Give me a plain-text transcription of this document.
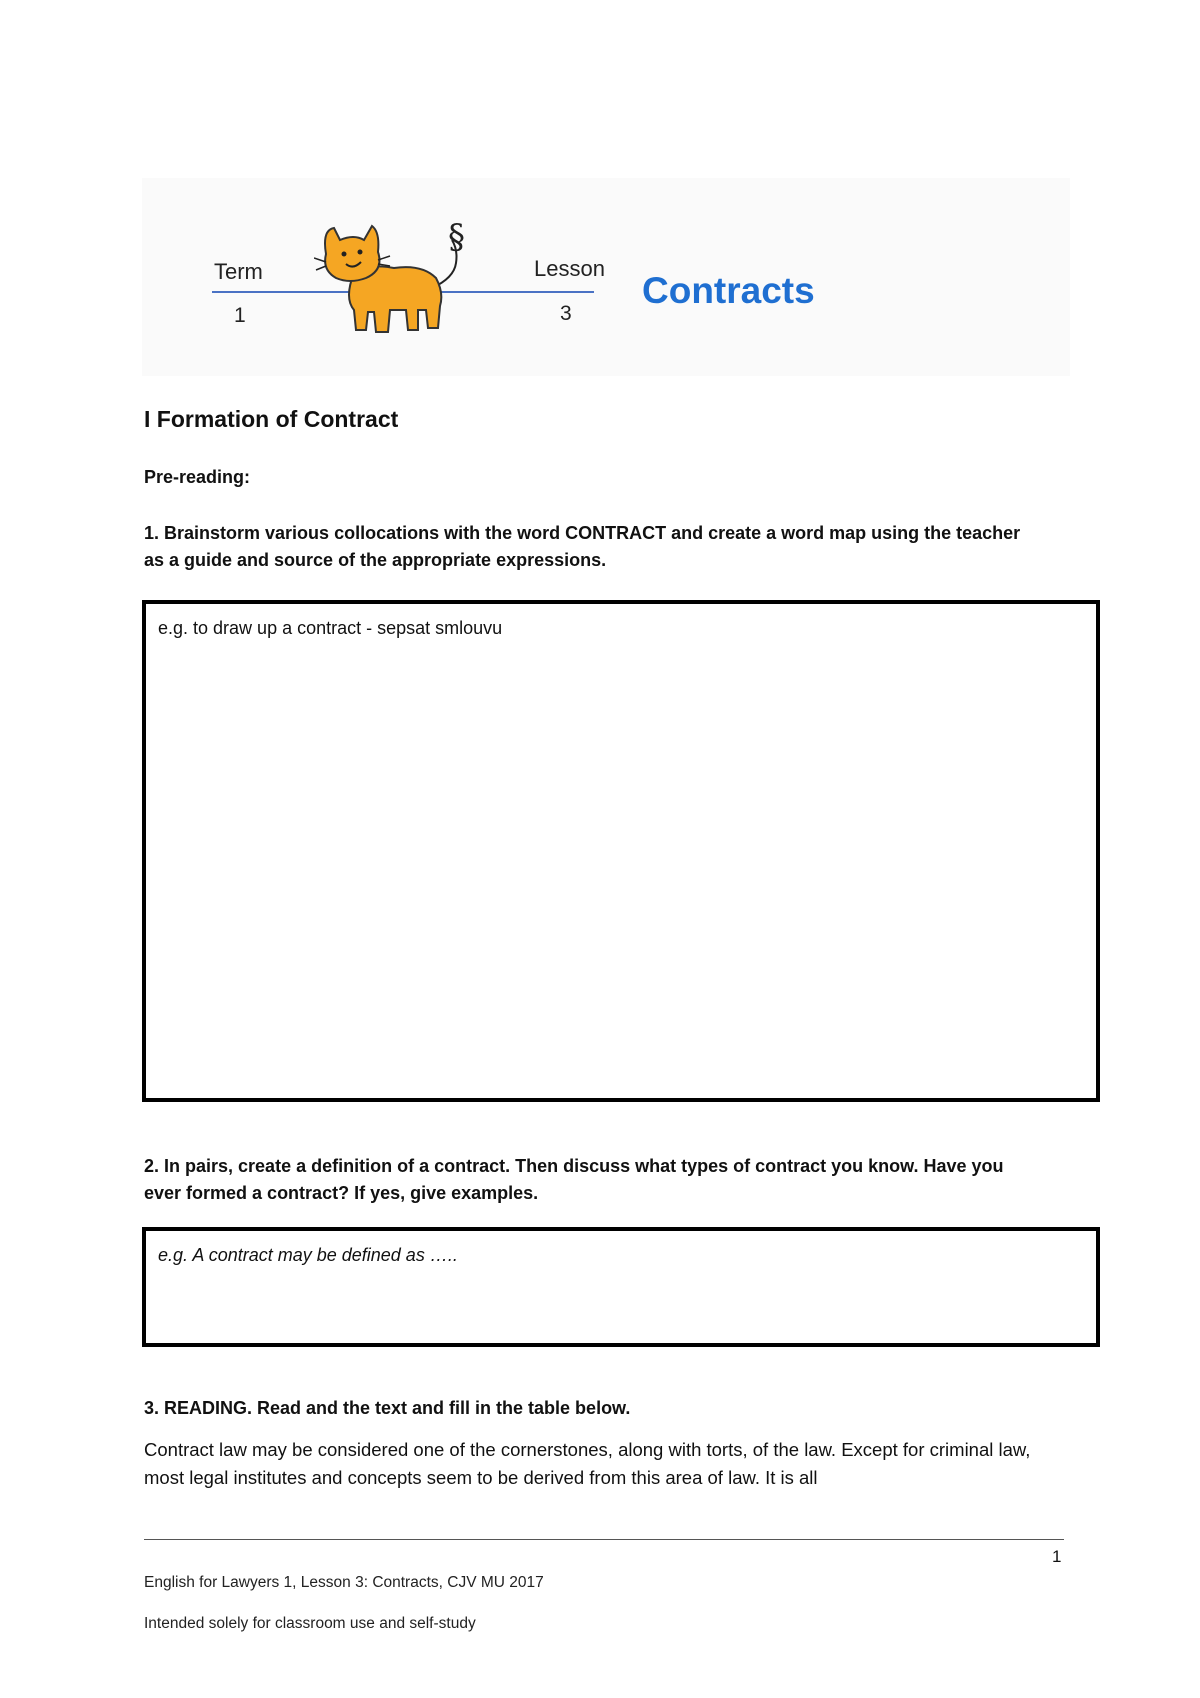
Term
1
Lesson
3
§
Contracts
I Formation of Contract
Pre-reading:
1. Brainstorm various collocations with the word CONTRACT and create a word map using the teacher as a guide and source of the appropriate expressions.
e.g. to draw up a contract - sepsat smlouvu
2. In pairs, create a definition of a contract. Then discuss what types of contract you know. Have you ever formed a contract? If yes, give examples.
e.g. A contract may be defined as …..
3. READING. Read and the text and fill in the table below.
Contract law may be considered one of the cornerstones, along with torts, of the law. Except for criminal law, most legal institutes and concepts seem to be derived from this area of law. It is all
1
English for Lawyers 1, Lesson 3: Contracts, CJV MU 2017
Intended solely for classroom use and self-study
